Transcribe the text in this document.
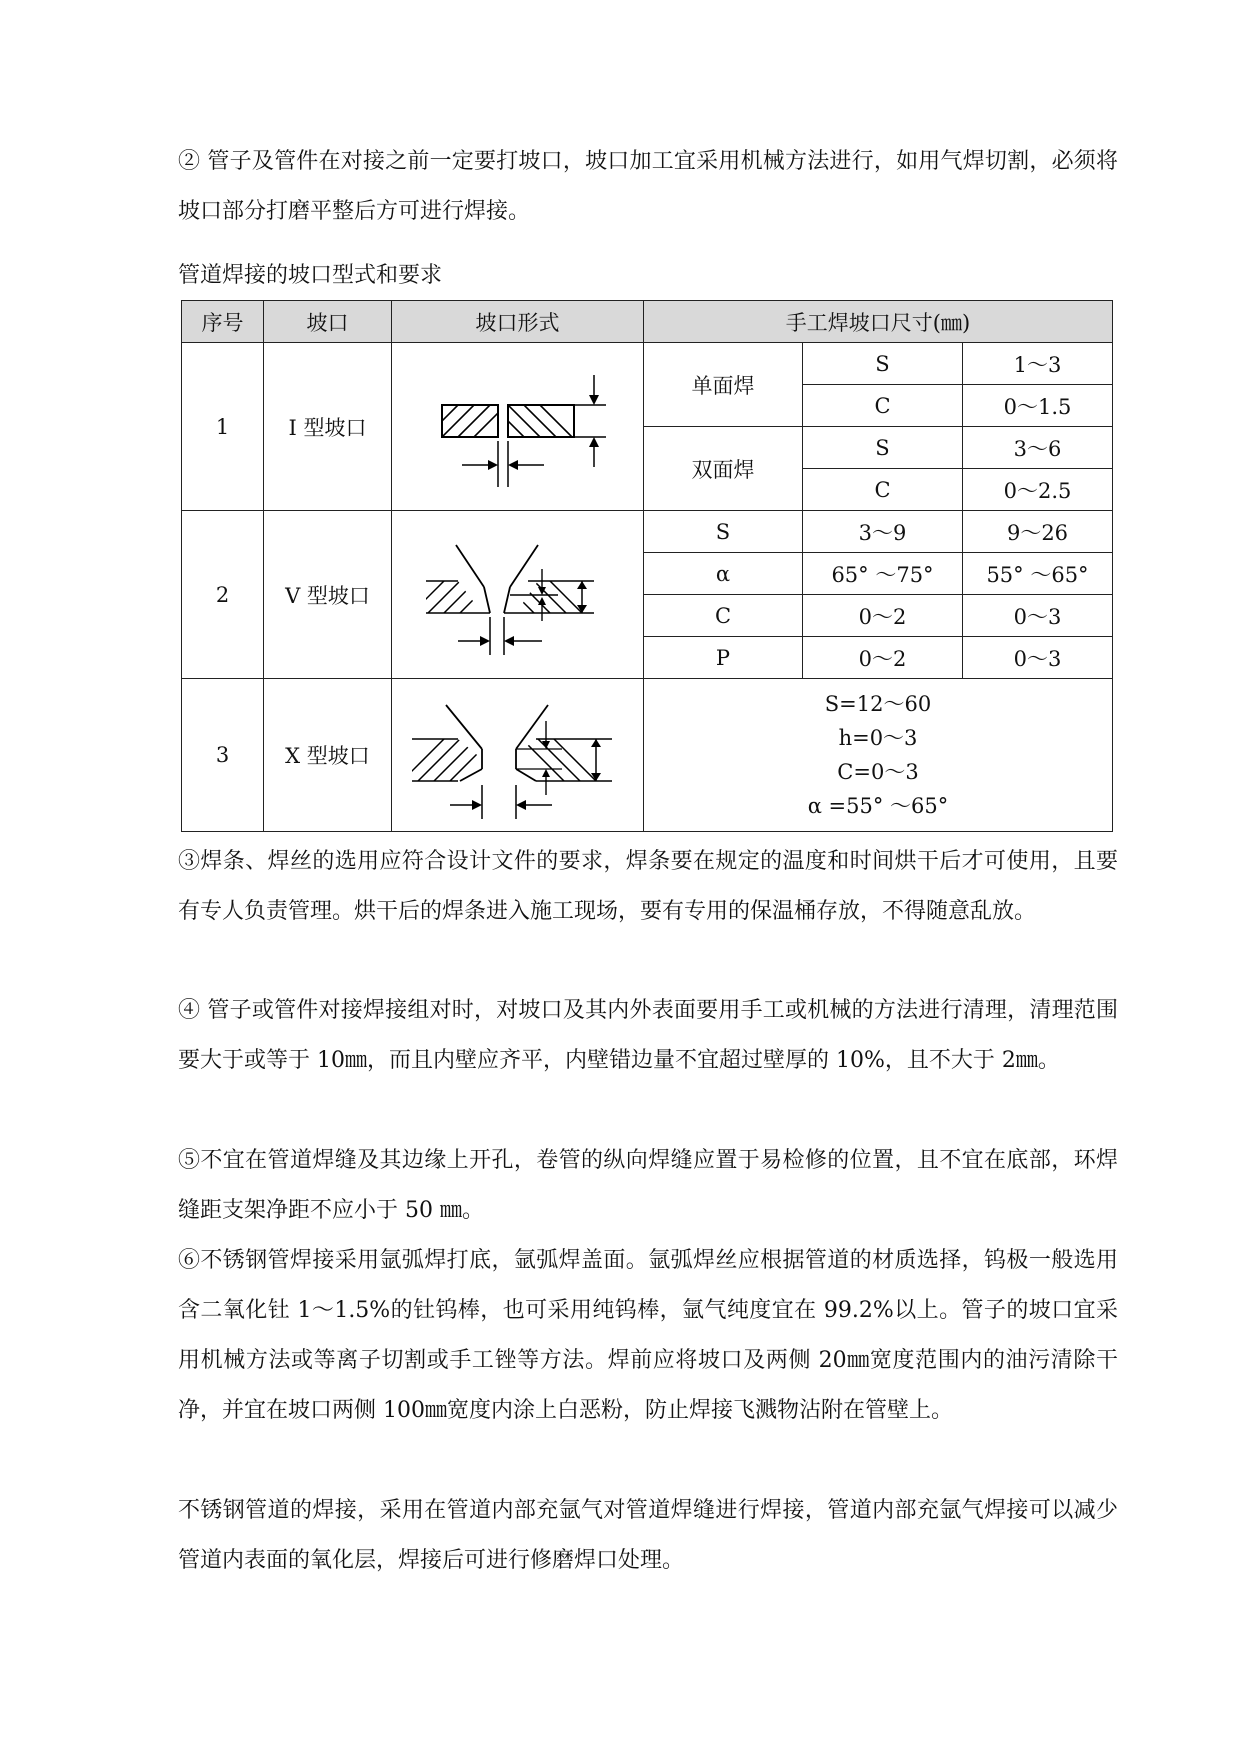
② 管子及管件在对接之前一定要打坡口，坡口加工宜采用机械方法进行，如用气焊切割，必须将坡口部分打磨平整后方可进行焊接。

管道焊接的坡口型式和要求

序号	坡口	坡口形式	手工焊坡口尺寸(㎜)		
1	I 型坡口		单面焊	S	1～3
				C	0～1.5
			双面焊	S	3～6
				C	0～2.5
2	V 型坡口		S	3～9	9～26
			α	65° ～75°	55° ～65°
			C	0～2	0～3
			P	0～2	0～3
3	X 型坡口		S=12～60
h=0～3
C=0～3
α =55° ～65°		

③焊条、焊丝的选用应符合设计文件的要求，焊条要在规定的温度和时间烘干后才可使用，且要有专人负责管理。烘干后的焊条进入施工现场，要有专用的保温桶存放，不得随意乱放。

④ 管子或管件对接焊接组对时，对坡口及其内外表面要用手工或机械的方法进行清理，清理范围要大于或等于 10㎜，而且内壁应齐平，内壁错边量不宜超过壁厚的 10%，且不大于 2㎜。

⑤不宜在管道焊缝及其边缘上开孔，卷管的纵向焊缝应置于易检修的位置，且不宜在底部，环焊缝距支架净距不应小于 50 ㎜。

⑥不锈钢管焊接采用氩弧焊打底，氩弧焊盖面。氩弧焊丝应根据管道的材质选择，钨极一般选用含二氧化钍 1～1.5%的钍钨棒，也可采用纯钨棒，氩气纯度宜在 99.2%以上。管子的坡口宜采用机械方法或等离子切割或手工锉等方法。焊前应将坡口及两侧 20㎜宽度范围内的油污清除干净，并宜在坡口两侧 100㎜宽度内涂上白恶粉，防止焊接飞溅物沾附在管壁上。

不锈钢管道的焊接，采用在管道内部充氩气对管道焊缝进行焊接，管道内部充氩气焊接可以减少管道内表面的氧化层，焊接后可进行修磨焊口处理。
